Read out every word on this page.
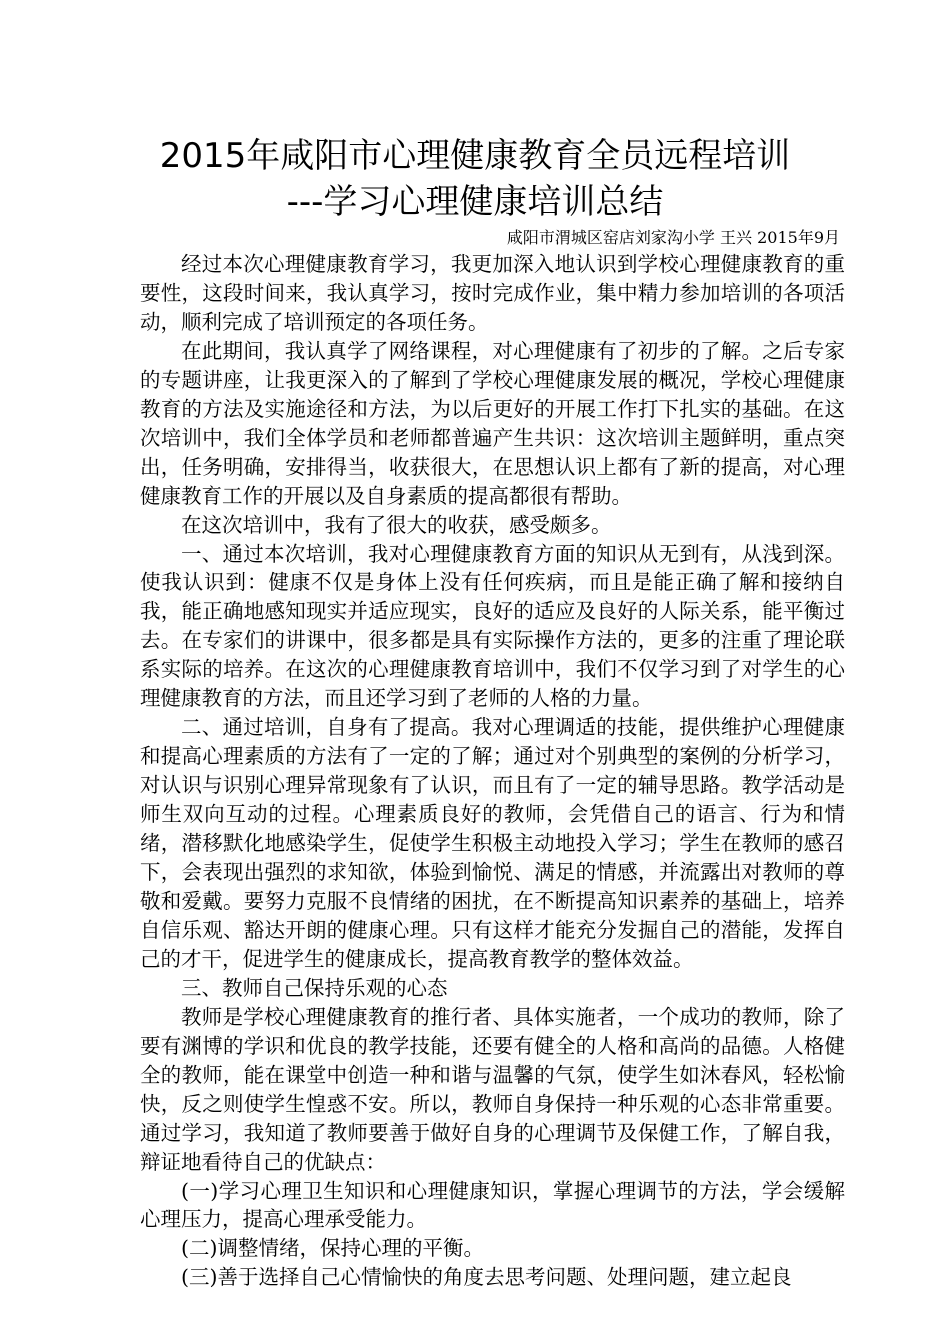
2015年咸阳市心理健康教育全员远程培训
---学习心理健康培训总结
咸阳市渭城区窑店刘家沟小学 王兴 2015年9月

经过本次心理健康教育学习，我更加深入地认识到学校心理健康教育的重要性，这段时间来，我认真学习，按时完成作业，集中精力参加培训的各项活动，顺利完成了培训预定的各项任务。

在此期间，我认真学了网络课程，对心理健康有了初步的了解。之后专家的专题讲座，让我更深入的了解到了学校心理健康发展的概况，学校心理健康教育的方法及实施途径和方法，为以后更好的开展工作打下扎实的基础。在这次培训中，我们全体学员和老师都普遍产生共识：这次培训主题鲜明，重点突出，任务明确，安排得当，收获很大，在思想认识上都有了新的提高，对心理健康教育工作的开展以及自身素质的提高都很有帮助。

在这次培训中，我有了很大的收获，感受颇多。

一、通过本次培训，我对心理健康教育方面的知识从无到有，从浅到深。使我认识到：健康不仅是身体上没有任何疾病，而且是能正确了解和接纳自我，能正确地感知现实并适应现实，良好的适应及良好的人际关系，能平衡过去。在专家们的讲课中，很多都是具有实际操作方法的，更多的注重了理论联系实际的培养。在这次的心理健康教育培训中，我们不仅学习到了对学生的心理健康教育的方法，而且还学习到了老师的人格的力量。

二、通过培训，自身有了提高。我对心理调适的技能，提供维护心理健康和提高心理素质的方法有了一定的了解；通过对个别典型的案例的分析学习，对认识与识别心理异常现象有了认识，而且有了一定的辅导思路。教学活动是师生双向互动的过程。心理素质良好的教师，会凭借自己的语言、行为和情绪，潜移默化地感染学生，促使学生积极主动地投入学习；学生在教师的感召下，会表现出强烈的求知欲，体验到愉悦、满足的情感，并流露出对教师的尊敬和爱戴。要努力克服不良情绪的困扰，在不断提高知识素养的基础上，培养自信乐观、豁达开朗的健康心理。只有这样才能充分发掘自己的潜能，发挥自己的才干，促进学生的健康成长，提高教育教学的整体效益。

三、教师自己保持乐观的心态

教师是学校心理健康教育的推行者、具体实施者，一个成功的教师，除了要有渊博的学识和优良的教学技能，还要有健全的人格和高尚的品德。人格健全的教师，能在课堂中创造一种和谐与温馨的气氛，使学生如沐春风，轻松愉快，反之则使学生惶惑不安。所以，教师自身保持一种乐观的心态非常重要。通过学习，我知道了教师要善于做好自身的心理调节及保健工作，了解自我，辩证地看待自己的优缺点：

(一)学习心理卫生知识和心理健康知识，掌握心理调节的方法，学会缓解心理压力，提高心理承受能力。

(二)调整情绪，保持心理的平衡。

(三)善于选择自己心情愉快的角度去思考问题、处理问题，建立起良
